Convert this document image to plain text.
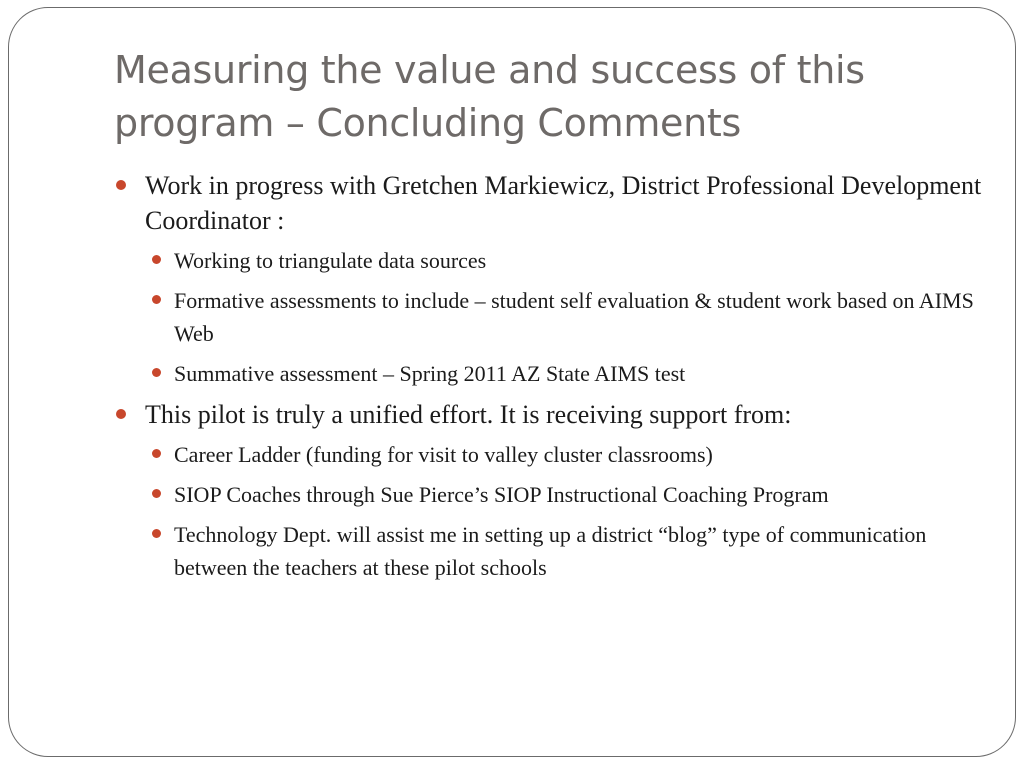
Measuring the value and success of this
program – Concluding Comments
Work in progress with Gretchen Markiewicz, District Professional Development Coordinator :
Working to triangulate data sources
Formative assessments to include – student self evaluation & student work based on AIMS Web
Summative assessment – Spring 2011 AZ State AIMS test
This pilot is truly a unified effort. It is receiving support from:
Career Ladder (funding for visit to valley cluster classrooms)
SIOP Coaches through Sue Pierce’s SIOP Instructional Coaching Program
Technology Dept. will assist me in setting up a district “blog” type of communication between the teachers at these pilot schools
